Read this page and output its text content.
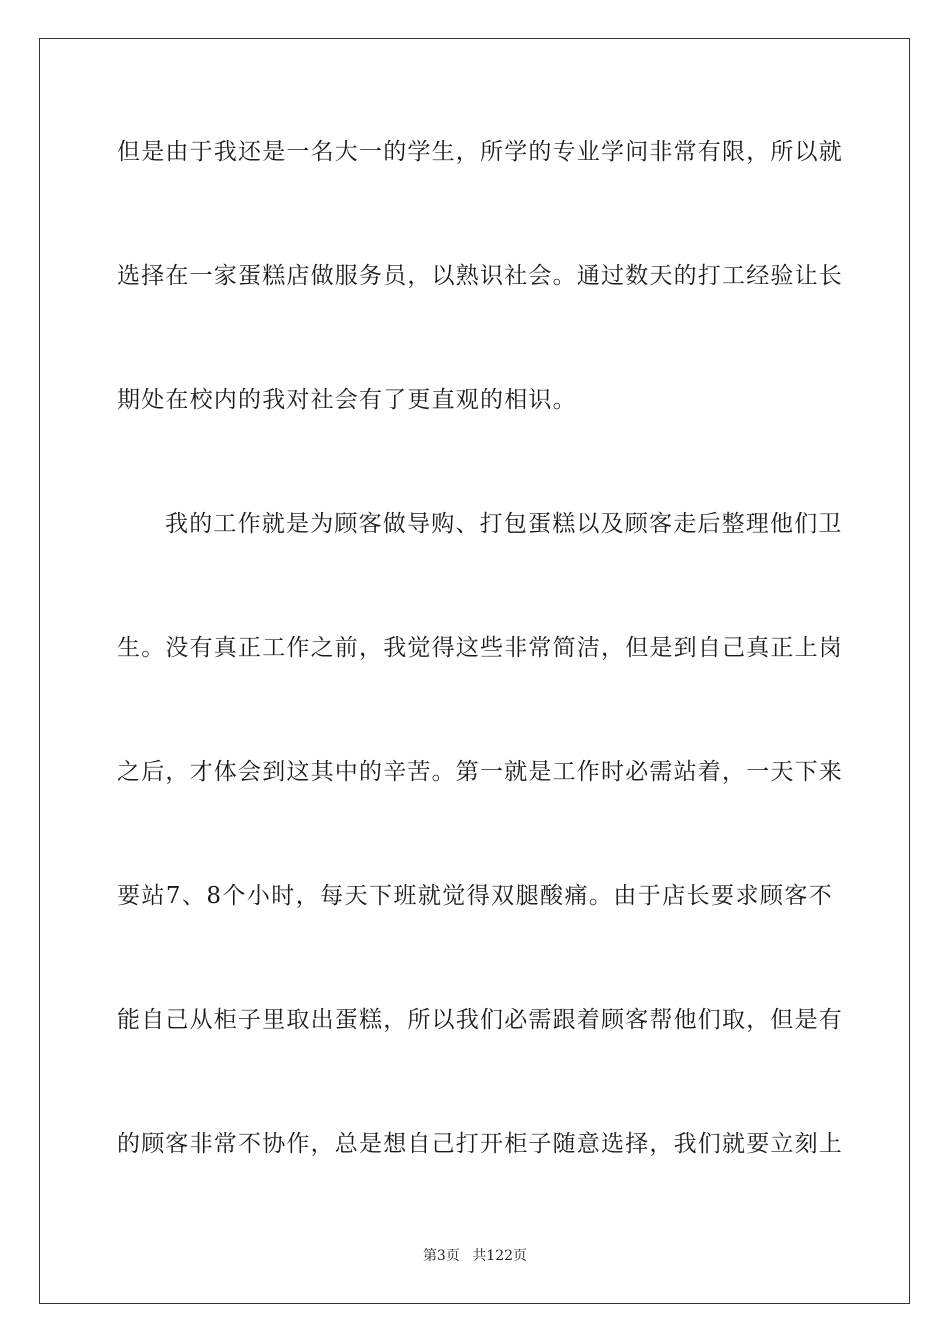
但是由于我还是一名大一的学生，所学的专业学问非常有限，所以就
选择在一家蛋糕店做服务员，以熟识社会。通过数天的打工经验让长
期处在校内的我对社会有了更直观的相识。
我的工作就是为顾客做导购、打包蛋糕以及顾客走后整理他们卫
生。没有真正工作之前，我觉得这些非常简洁，但是到自己真正上岗
之后，才体会到这其中的辛苦。第一就是工作时必需站着，一天下来
要站7、8个小时，每天下班就觉得双腿酸痛。由于店长要求顾客不
能自己从柜子里取出蛋糕，所以我们必需跟着顾客帮他们取，但是有
的顾客非常不协作，总是想自己打开柜子随意选择，我们就要立刻上
第3页 共122页
